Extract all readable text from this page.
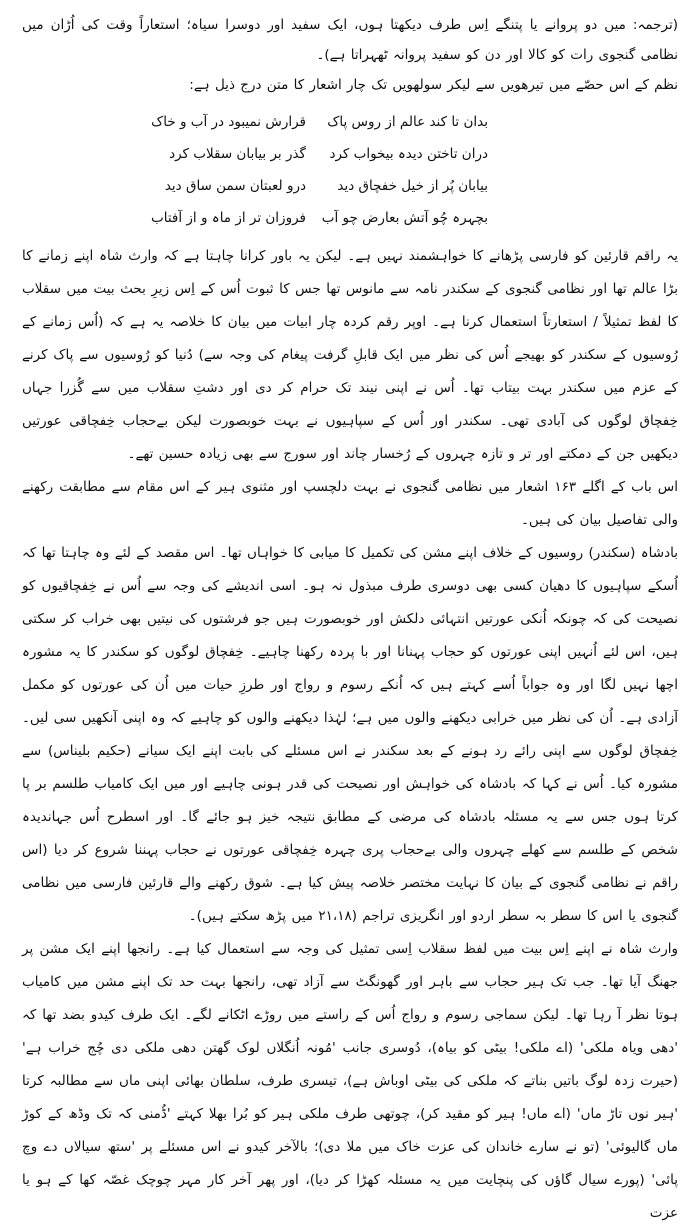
(ترجمہ: میں دو پروانے یا پتنگے اِس طرف دیکھتا ہوں، ایک سفید اور دوسرا سیاہ؛ استعاراً وقت کی اُڑان میں نظامی گنجوی رات کو کالا اور دن کو سفید پروانہ ٹھہراتا ہے)۔

نظم کے اس حصّے میں تیرھویں سے لیکر سولھویں تک چار اشعار کا متن درج ذیل ہے:

بدان تا کند عالم از روس پاک
قرارش نمیبود در آب و خاک
دران تاختن دیدہ بیخواب کرد
گذر بر بیابان سقلاب کرد
بیابان پُر از خیل خفچاق دید
درو لعبتان سمن ساق دید
بچہرہ چُو آتش بعارض چو آب
فروزان تر از ماہ و از آفتاب

یہ راقم قارئین کو فارسی پڑھانے کا خواہشمند نہیں ہے۔ لیکن یہ باور کرانا چاہتا ہے کہ وارث شاہ اپنے زمانے کا بڑا عالم تھا اور نظامی گنجوی کے سکندر نامہ سے مانوس تھا جس کا ثبوت اُس کے اِس زیرِ بحث بیت میں سقلاب کا لفظ تمثیلاً / استعارتاً استعمال کرنا ہے۔ اوپر رقم کردہ چار ابیات میں بیان کا خلاصہ یہ ہے کہ (اُس زمانے کے رُوسیوں کے سکندر کو بھیجے اُس کی نظر میں ایک قابلِ گرفت پیغام کی وجہ سے) دُنیا کو رُوسیوں سے پاک کرنے کے عزم میں سکندر بہت بیتاب تھا۔ اُس نے اپنی نیند تک حرام کر دی اور دشتِ سقلاب میں سے گُزرا جہاں خِفچاق لوگوں کی آبادی تھی۔ سکندر اور اُس کے سپاہیوں نے بہت خوبصورت لیکن بےحجاب خِفچاقی عورتیں دیکھیں جن کے دمکتے اور تر و تازہ چہروں کے رُخسار چاند اور سورج سے بھی زیادہ حسین تھے۔

اس باب کے اگلے ۱۶۳ اشعار میں نظامی گنجوی نے بہت دلچسپ اور مثنوی ہیر کے اس مقام سے مطابقت رکھنے والی تفاصیل بیان کی ہیں۔

بادشاہ (سکندر) روسیوں کے خلاف اپنے مشن کی تکمیل کا میابی کا خواہاں تھا۔ اس مقصد کے لئے وہ چاہتا تھا کہ اُسکے سپاہیوں کا دھیان کسی بھی دوسری طرف مبذول نہ ہو۔ اسی اندیشے کی وجہ سے اُس نے خِفچاقیوں کو نصیحت کی کہ چونکہ اُنکی عورتیں انتہائی دلکش اور خوبصورت ہیں جو فرشتوں کی نیتیں بھی خراب کر سکتی ہیں، اس لئے اُنہیں اپنی عورتوں کو حجاب پہنانا اور با پردہ رکھنا چاہیے۔ خِفچاق لوگوں کو سکندر کا یہ مشورہ اچھا نہیں لگا اور وہ جواباً اُسے کہتے ہیں کہ اُنکے رسوم و رواج اور طرزِ حیات میں اُن کی عورتوں کو مکمل آزادی ہے۔ اُن کی نظر میں خرابی دیکھنے والوں میں ہے؛ لہٰذا دیکھنے والوں کو چاہیے کہ وہ اپنی آنکھیں سی لیں۔ خِفچاق لوگوں سے اپنی رائے رد ہونے کے بعد سکندر نے اس مسئلے کی بابت اپنے ایک سیانے (حکیم بلیناس) سے مشورہ کیا۔ اُس نے کہا کہ بادشاہ کی خواہش اور نصیحت کی قدر ہونی چاہیے اور میں ایک کامیاب طلسم بر پا کرتا ہوں جس سے یہ مسئلہ بادشاہ کی مرضی کے مطابق نتیجہ خیز ہو جائے گا۔ اور اسطرح اُس جہاندیدہ شخص کے طلسم سے کھلے چہروں والی بےحجاب پری چہرہ خِفچاقی عورتوں نے حجاب پہننا شروع کر دیا (اس راقم نے نظامی گنجوی کے بیان کا نہایت مختصر خلاصہ پیش کیا ہے۔ شوق رکھنے والے قارئین فارسی میں نظامی گنجوی یا اس کا سطر بہ سطر اردو اور انگریزی تراجم (۲۱،۱۸ میں پڑھ سکتے ہیں)۔

وارث شاہ نے اپنے اِس بیت میں لفظ سقلاب اِسی تمثیل کی وجہ سے استعمال کیا ہے۔ رانجھا اپنے ایک مشن پر جھنگ آیا تھا۔ جب تک ہیر حجاب سے باہر اور گھونگٹ سے آزاد تھی، رانجھا بہت حد تک اپنے مشن میں کامیاب ہوتا نظر آ رہا تھا۔ لیکن سماجی رسوم و رواج اُس کے راستے میں روڑے اٹکانے لگے۔ ایک طرف کیدو بضد تھا کہ 'دھی ویاہ ملکی' (اے ملکی! بیٹی کو بیاہ)، دُوسری جانب 'مُونہ اُنگلاں لوک گھتن دھی ملکی دی چُج خراب ہے' (حیرت زدہ لوگ باتیں بناتے کہ ملکی کی بیٹی اوباش ہے)، تیسری طرف، سلطان بھائی اپنی ماں سے مطالبہ کرتا 'ہیر نوں تاڑ ماں' (اے ماں! ہیر کو مقید کر)، چوتھی طرف ملکی ہیر کو بُرا بھلا کہتے 'ڈُمنی کہ تک وڈھ کے کوڑ ماں گالیوئی' (تو نے سارے خاندان کی عزت خاک میں ملا دی)؛ بالآخر کیدو نے اس مسئلے پر 'ستھ سیالاں دے وچ پائی' (پورے سیال گاؤں کی پنچایت میں یہ مسئلہ کھڑا کر دیا)، اور پھر آخر کار مہر چوچک غصّہ کھا کے ہو یا عزت
